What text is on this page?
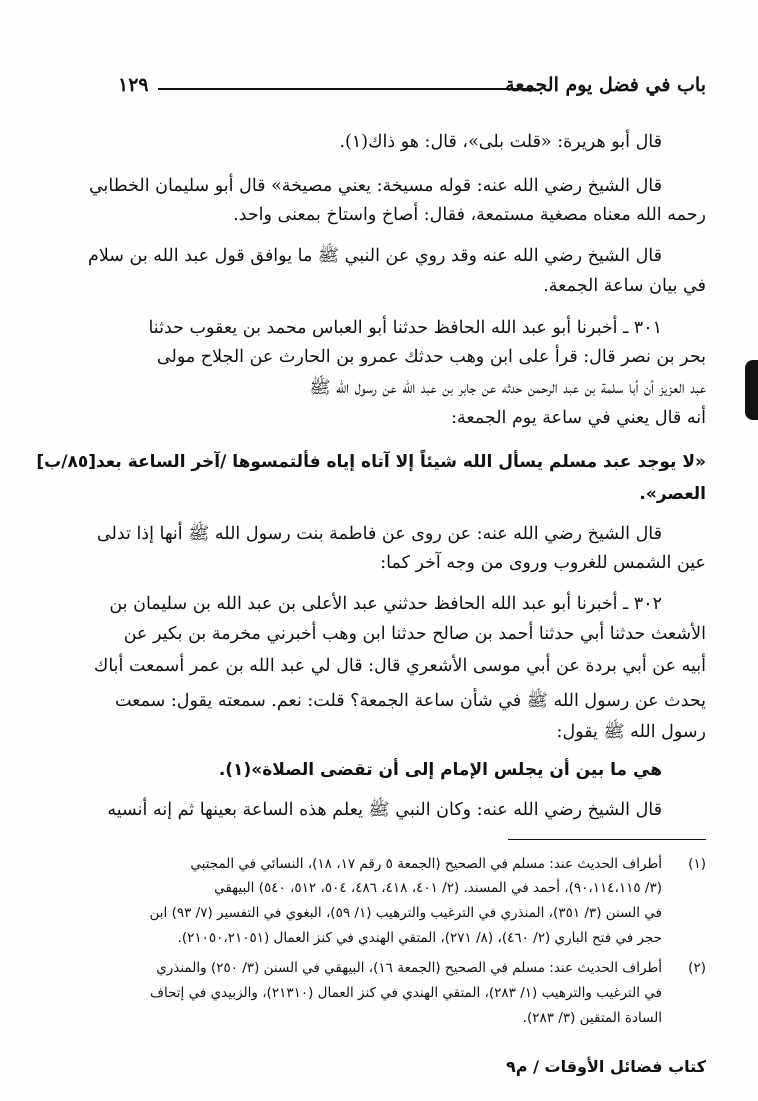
باب في فضل يوم الجمعة
١٢٩
قال أبو هريرة: «قلت بلى»، قال: هو ذاك(١).
قال الشيخ رضي الله عنه: قوله مسيخة: يعني مصيخة» قال أبو سليمان الخطابي
رحمه الله معناه مصغية مستمعة، فقال: أصاخ واستاخ بمعنى واحد.
قال الشيخ رضي الله عنه وقد روي عن النبي ﷺ ما يوافق قول عبد الله بن سلام
في بيان ساعة الجمعة.
٣٠١ ـ أخبرنا أبو عبد الله الحافظ حدثنا أبو العباس محمد بن يعقوب حدثنا
بحر بن نصر قال: قرأ على ابن وهب حدثك عمرو بن الحارث عن الجلاح مولى
عبد العزيز أن أبا سلمة بن عبد الرحمن حدثه عن جابر بن عبد الله عن رسول الله ﷺ
أنه قال يعني في ساعة يوم الجمعة:
«لا يوجد عبد مسلم يسأل الله شيئاً إلا آتاه إياه فألتمسوها /آخر الساعة بعد[٨٥/ب]
العصر».
قال الشيخ رضي الله عنه: عن روى عن فاطمة بنت رسول الله ﷺ أنها إذا تدلى
عين الشمس للغروب وروى من وجه آخر كما:
٣٠٢ ـ أخبرنا أبو عبد الله الحافظ حدثني عبد الأعلى بن عبد الله بن سليمان بن
الأشعث حدثنا أبي حدثنا أحمد بن صالح حدثنا ابن وهب أخبرني مخرمة بن بكير عن
أبيه عن أبي بردة عن أبي موسى الأشعري قال: قال لي عبد الله بن عمر أسمعت أباك
يحدث عن رسول الله ﷺ في شأن ساعة الجمعة؟ قلت: نعم. سمعته يقول: سمعت
رسول الله ﷺ يقول:
هي ما بين أن يجلس الإمام إلى أن تقضى الصلاة»(١).
قال الشيخ رضي الله عنه: وكان النبي ﷺ يعلم هذه الساعة بعينها ثم إنه أنسيه
(١)
أطراف الحديث عند: مسلم في الصحيح (الجمعة ٥ رقم ١٧، ١٨)، النسائي في المجتبي
(٣/ ٩٠،١١٤،١١٥)، أحمد في المسند. (٢/ ٤٠١، ٤١٨، ٤٨٦، ٥٠٤، ٥١٢، ٥٤٠) البيهقي
في السنن (٣/ ٣٥١)، المنذري في الترغيب والترهيب (١/ ٥٩)، البغوي في التفسير (٧/ ٩٣) ابن
حجر في فتح الباري (٢/ ٤٦٠)، (٨/ ٢٧١)، المتقي الهندي في كنز العمال (٢١٠٥٠،٢١٠٥١).
(٢)
أطراف الحديث عند: مسلم في الصحيح (الجمعة ١٦)، البيهقي في السنن (٣/ ٢٥٠) والمنذري
في الترغيب والترهيب (١/ ٢٨٣)، المتقي الهندي في كنز العمال (٢١٣١٠)، والزبيدي في إتحاف
السادة المتقين (٣/ ٢٨٣).
كتاب فضائل الأوقات / م٩
